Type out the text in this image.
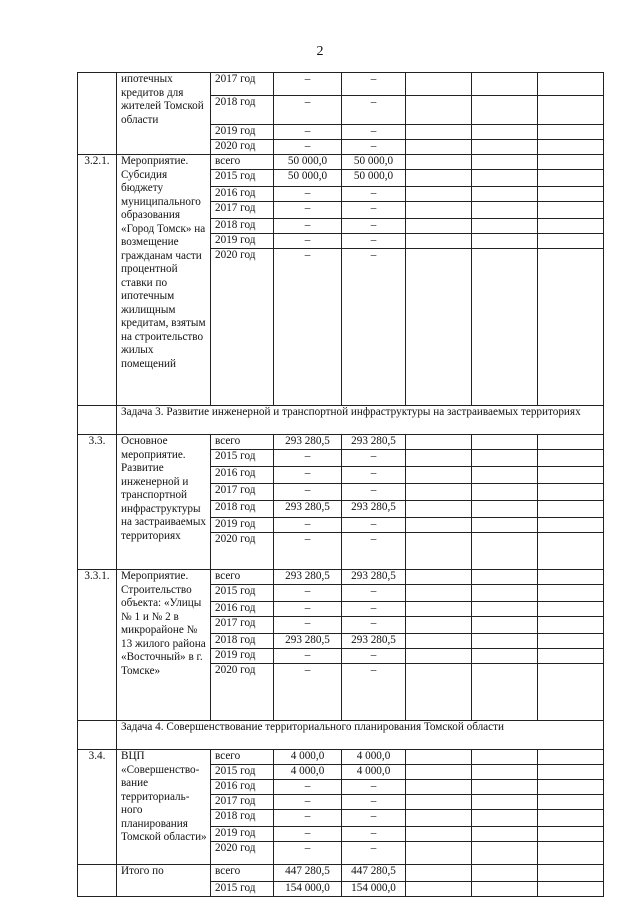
2
	ипотечных кредитов для жителей Томской области	2017 год	–	–			
		2018 год	–	–			
		2019 год	–	–			
		2020 год	–	–			
3.2.1.	Мероприятие. Субсидия бюджету муниципального образования «Город Томск» на возмещение гражданам части процентной ставки по ипотечным жилищным кредитам, взятым на строительство жилых помещений	всего	50 000,0	50 000,0			
		2015 год	50 000,0	50 000,0			
		2016 год	–	–			
		2017 год	–	–			
		2018 год	–	–			
		2019 год	–	–			
		2020 год	–	–			
	Задача 3. Развитие инженерной и транспортной инфраструктуры на застраиваемых территориях						
3.3.	Основное мероприятие. Развитие инженерной и транспортной инфраструктуры на застраиваемых территориях	всего	293 280,5	293 280,5			
		2015 год	–	–			
		2016 год	–	–			
		2017 год	–	–			
		2018 год	293 280,5	293 280,5			
		2019 год	–	–			
		2020 год	–	–			
3.3.1.	Мероприятие. Строительство объекта: «Улицы № 1 и № 2 в микрорайоне № 13 жилого района «Восточный» в г. Томске»	всего	293 280,5	293 280,5			
		2015 год	–	–			
		2016 год	–	–			
		2017 год	–	–			
		2018 год	293 280,5	293 280,5			
		2019 год	–	–			
		2020 год	–	–			
	Задача 4. Совершенствование территориального планирования Томской области						
3.4.	ВЦП «Совершенство-вание территориаль-ного планирования Томской области»	всего	4 000,0	4 000,0			
		2015 год	4 000,0	4 000,0			
		2016 год	–	–			
		2017 год	–	–			
		2018 год	–	–			
		2019 год	–	–			
		2020 год	–	–			
	Итого по	всего	447 280,5	447 280,5			
		2015 год	154 000,0	154 000,0			
